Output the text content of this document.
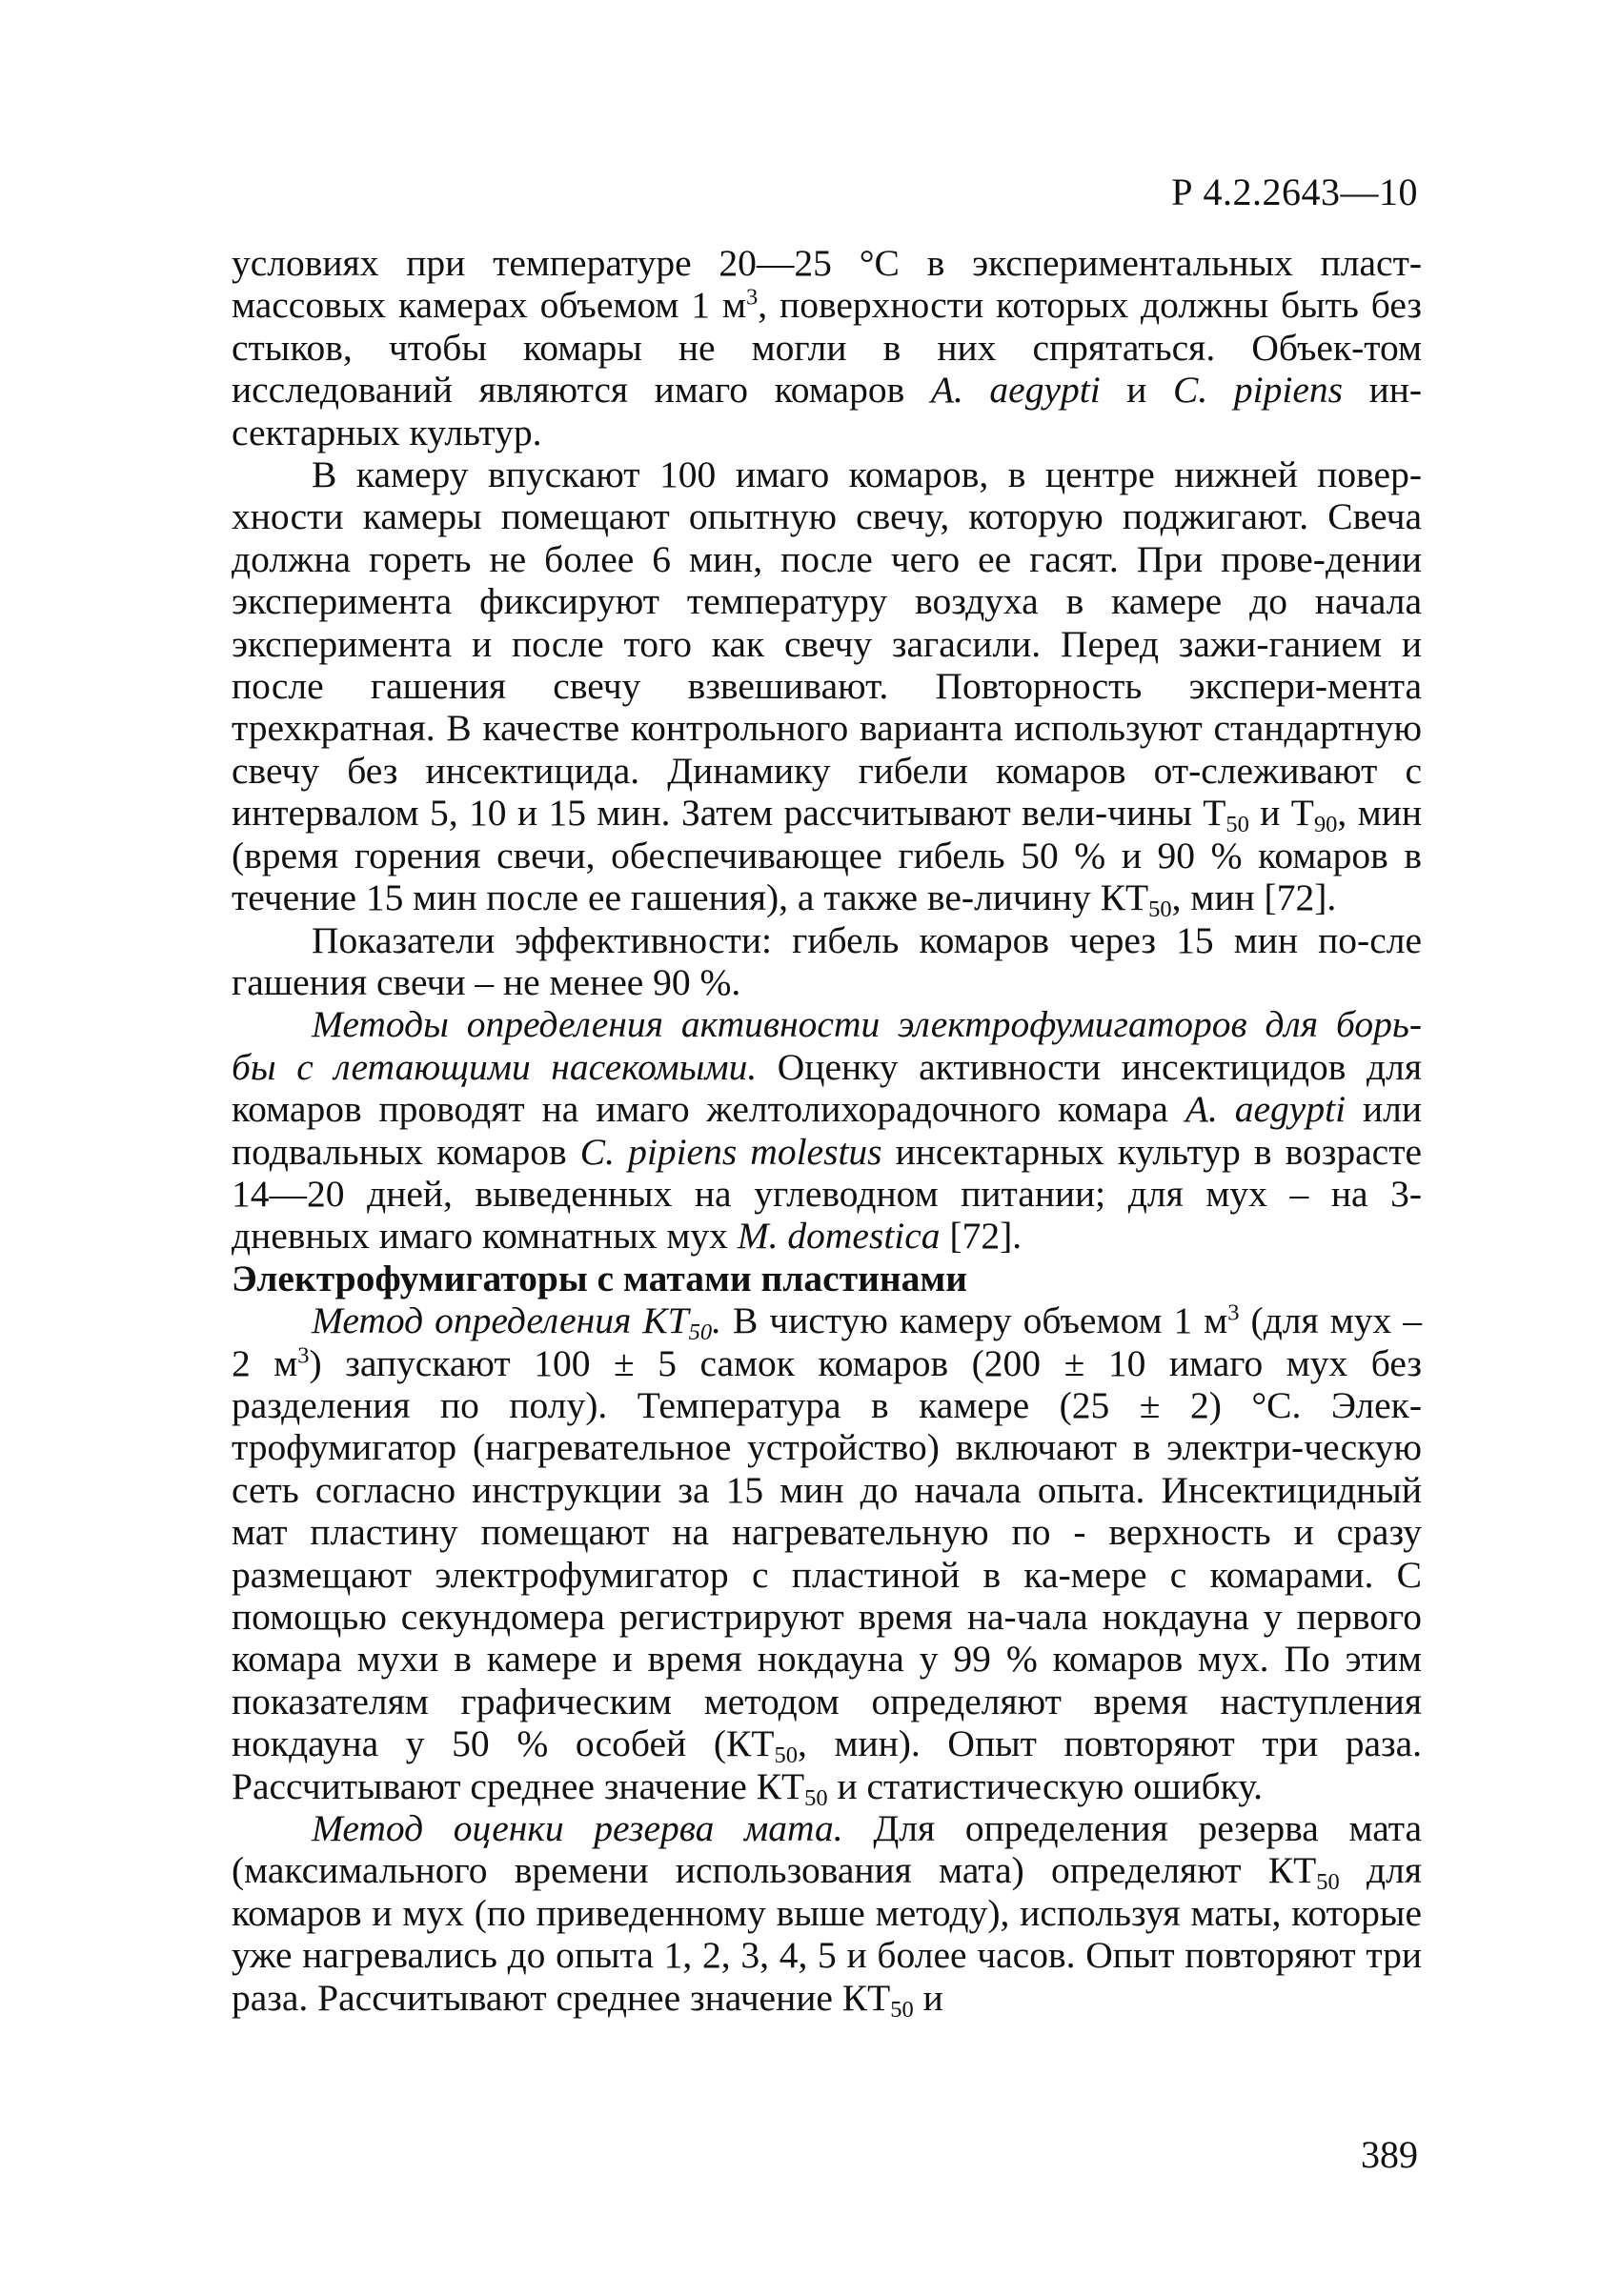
Р 4.2.2643—10

условиях при температуре 20—25 °С в экспериментальных пласт-массовых камерах объемом 1 $м^3$, поверхности которых должны быть без стыков, чтобы комары не могли в них спрятаться. Объек-том исследований являются имаго комаров A. aegypti и C. pipiens ин-сектарных культур.

В камеру впускают 100 имаго комаров, в центре нижней повер-хности камеры помещают опытную свечу, которую поджигают. Свеча должна гореть не более 6 мин, после чего ее гасят. При прове-дении эксперимента фиксируют температуру воздуха в камере до начала эксперимента и после того как свечу загасили. Перед зажи-ганием и после гашения свечу взвешивают. Повторность экспери-мента трехкратная. В качестве контрольного варианта используют стандартную свечу без инсектицида. Динамику гибели комаров от-слеживают с интервалом 5, 10 и 15 мин. Затем рассчитывают вели-чины $Т_{50}$ и $Т_{90}$, мин (время горения свечи, обеспечивающее гибель 50 % и 90 % комаров в течение 15 мин после ее гашения), а также ве-личину $КТ_{50}$, мин [72].

Показатели эффективности: гибель комаров через 15 мин по-сле гашения свечи – не менее 90 %.

Методы определения активности электрофумигаторов для борь-бы с летающими насекомыми. Оценку активности инсектицидов для комаров проводят на имаго желтолихорадочного комара A. aegypti или подвальных комаров C. pipiens molestus инсектарных культур в возрасте 14—20 дней, выведенных на углеводном питании; для мух – на 3-дневных имаго комнатных мух M. domestica [72].

Электрофумигаторы с матами пластинами

Метод определения $КТ_{50}$. В чистую камеру объемом 1 $м^3$ (для мух – 2 $м^3$) запускают 100 ± 5 самок комаров (200 ± 10 имаго мух без разделения по полу). Температура в камере (25 ± 2) °С. Элек-трофумигатор (нагревательное устройство) включают в электри-ческую сеть согласно инструкции за 15 мин до начала опыта. Инсектицидный мат пластину помещают на нагревательную по - верхность и сразу размещают электрофумигатор с пластиной в ка-мере с комарами. С помощью секундомера регистрируют время на-чала нокдауна у первого комара мухи в камере и время нокдауна у 99 % комаров мух. По этим показателям графическим методом определяют время наступления нокдауна у 50 % особей ($КТ_{50}$, мин). Опыт повторяют три раза. Рассчитывают среднее значение $КТ_{50}$ и статистическую ошибку.

Метод оценки резерва мата. Для определения резерва мата (максимального времени использования мата) определяют $КТ_{50}$ для комаров и мух (по приведенному выше методу), используя маты, которые уже нагревались до опыта 1, 2, 3, 4, 5 и более часов. Опыт повторяют три раза. Рассчитывают среднее значение $КТ_{50}$ и

389
